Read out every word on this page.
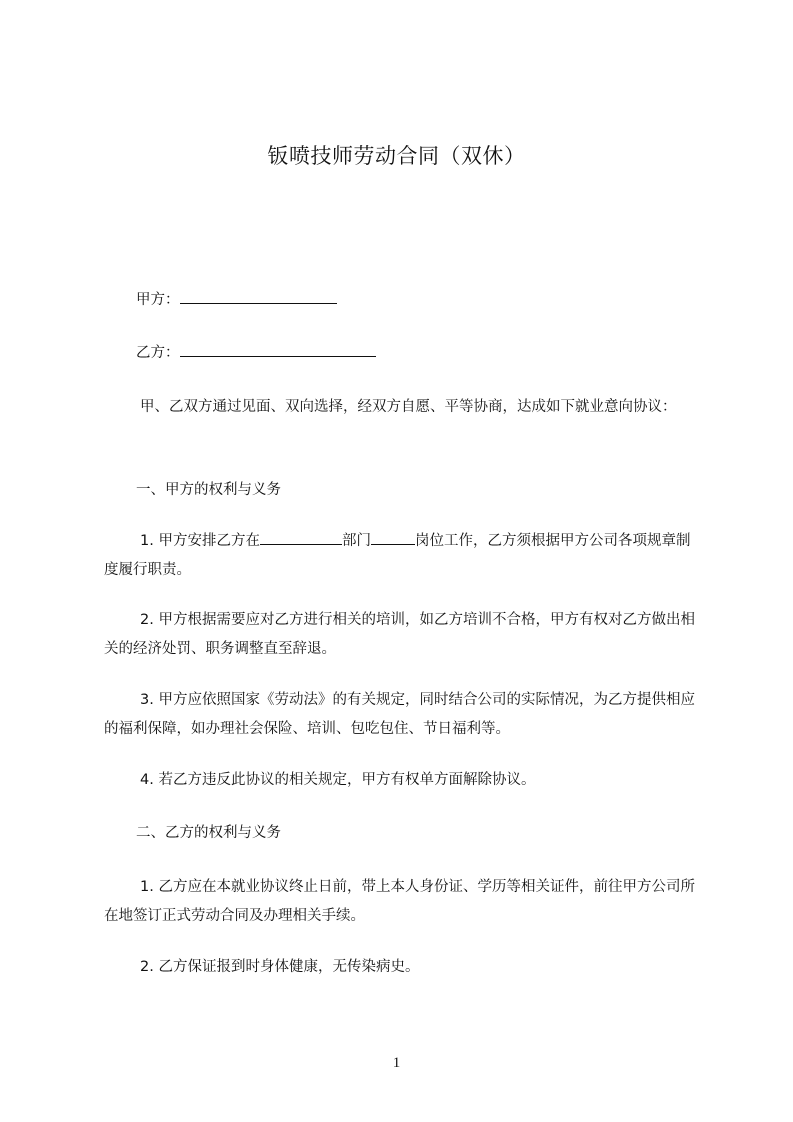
钣喷技师劳动合同（双休）
甲方：
乙方：
甲、乙双方通过见面、双向选择，经双方自愿、平等协商，达成如下就业意向协议：
一、甲方的权利与义务
1. 甲方安排乙方在	部门	岗位工作，乙方须根据甲方公司各项规章制度履行职责。
2. 甲方根据需要应对乙方进行相关的培训，如乙方培训不合格，甲方有权对乙方做出相关的经济处罚、职务调整直至辞退。
3. 甲方应依照国家《劳动法》的有关规定，同时结合公司的实际情况，为乙方提供相应的福利保障，如办理社会保险、培训、包吃包住、节日福利等。
4. 若乙方违反此协议的相关规定，甲方有权单方面解除协议。
二、乙方的权利与义务
1. 乙方应在本就业协议终止日前，带上本人身份证、学历等相关证件，前往甲方公司所在地签订正式劳动合同及办理相关手续。
2. 乙方保证报到时身体健康，无传染病史。
1
